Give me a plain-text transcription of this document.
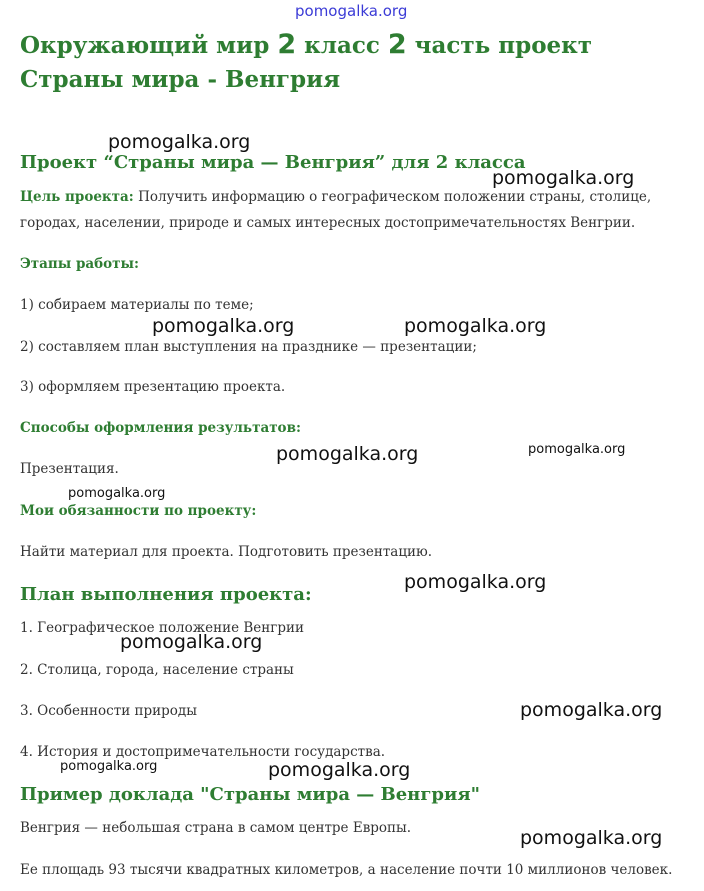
pomogalka.org
Окружающий мир 2 класс 2 часть проект Страны мира - Венгрия
Проект “Страны мира — Венгрия” для 2 класса

Цель проекта: Получить информацию о географическом положении страны, столице, городах, населении, природе и самых интересных достопримечательностях Венгрии.

Этапы работы:

1) собираем материалы по теме;

2) составляем план выступления на празднике — презентации;

3) оформляем презентацию проекта.

Способы оформления результатов:

Презентация.

Мои обязанности по проекту:

Найти материал для проекта. Подготовить презентацию.

План выполнения проекта:

1. Географическое положение Венгрии

2. Столица, города, население страны

3. Особенности природы

4. История и достопримечательности государства.

Пример доклада "Страны мира — Венгрия"

Венгрия — небольшая страна в самом центре Европы.

Ее площадь 93 тысячи квадратных километров, а население почти 10 миллионов человек.

pomogalka.org
pomogalka.org
pomogalka.org	pomogalka.org
pomogalka.org	pomogalka.org
pomogalka.org
pomogalka.org
pomogalka.org
pomogalka.org
pomogalka.org	pomogalka.org
pomogalka.org
